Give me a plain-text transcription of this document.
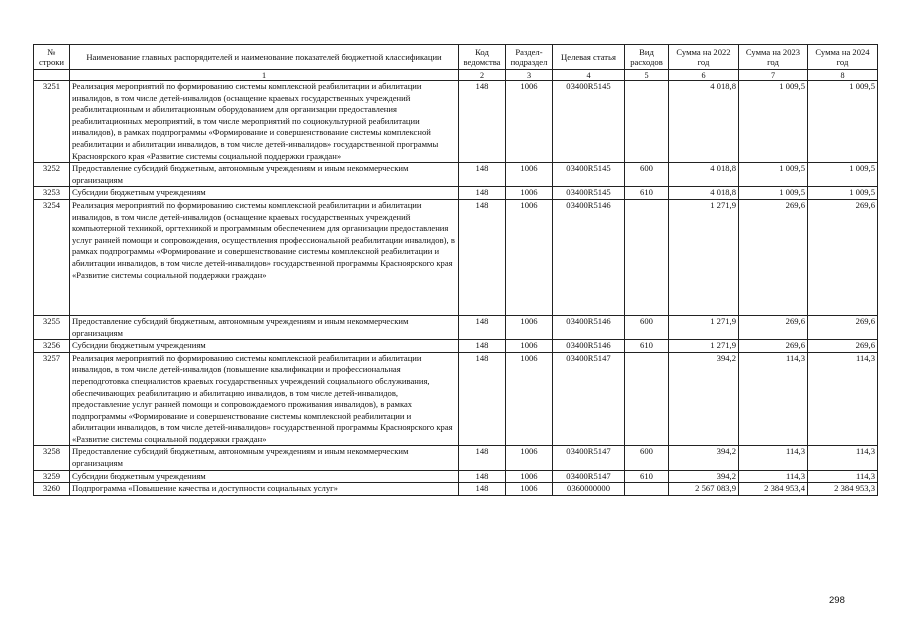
№ строки	Наименование главных распорядителей и наименование показателей бюджетной классификации	Код ведомства	Раздел-подраздел	Целевая статья	Вид расходов	Сумма на 2022 год	Сумма на 2023 год	Сумма на 2024 год
	1	2	3	4	5	6	7	8
3251	Реализация мероприятий по формированию системы комплексной реабилитации и абилитации инвалидов, в том числе детей-инвалидов (оснащение краевых государственных учреждений реабилитационным и абилитационным оборудованием для организации предоставления реабилитационных мероприятий, в том числе мероприятий по социокультурной реабилитации инвалидов), в рамках подпрограммы «Формирование и совершенствование системы комплексной реабилитации и абилитации инвалидов, в том числе детей-инвалидов» государственной программы Красноярского края «Развитие системы социальной поддержки граждан»	148	1006	03400R5145		4 018,8	1 009,5	1 009,5
3252	Предоставление субсидий бюджетным, автономным учреждениям и иным некоммерческим организациям	148	1006	03400R5145	600	4 018,8	1 009,5	1 009,5
3253	Субсидии бюджетным учреждениям	148	1006	03400R5145	610	4 018,8	1 009,5	1 009,5
3254	Реализация мероприятий по формированию системы комплексной реабилитации и абилитации инвалидов, в том числе детей-инвалидов (оснащение краевых государственных учреждений компьютерной техникой, оргтехникой и программным обеспечением для организации предоставления услуг ранней помощи и сопровождения, осуществления профессиональной реабилитации инвалидов), в рамках подпрограммы «Формирование и совершенствование системы комплексной реабилитации и абилитации инвалидов, в том числе детей-инвалидов» государственной программы Красноярского края «Развитие системы социальной поддержки граждан»	148	1006	03400R5146		1 271,9	269,6	269,6
3255	Предоставление субсидий бюджетным, автономным учреждениям и иным некоммерческим организациям	148	1006	03400R5146	600	1 271,9	269,6	269,6
3256	Субсидии бюджетным учреждениям	148	1006	03400R5146	610	1 271,9	269,6	269,6
3257	Реализация мероприятий по формированию системы комплексной реабилитации и абилитации инвалидов, в том числе детей-инвалидов (повышение квалификации и профессиональная переподготовка специалистов краевых государственных учреждений социального обслуживания, обеспечивающих реабилитацию и абилитацию инвалидов, в том числе детей-инвалидов, предоставление услуг ранней помощи и сопровождаемого проживания инвалидов), в рамках подпрограммы «Формирование и совершенствование системы комплексной реабилитации и абилитации инвалидов, в том числе детей-инвалидов» государственной программы Красноярского края «Развитие системы социальной поддержки граждан»	148	1006	03400R5147		394,2	114,3	114,3
3258	Предоставление субсидий бюджетным, автономным учреждениям и иным некоммерческим организациям	148	1006	03400R5147	600	394,2	114,3	114,3
3259	Субсидии бюджетным учреждениям	148	1006	03400R5147	610	394,2	114,3	114,3
3260	Подпрограмма «Повышение качества и доступности социальных услуг»	148	1006	0360000000		2 567 083,9	2 384 953,4	2 384 953,3
298
